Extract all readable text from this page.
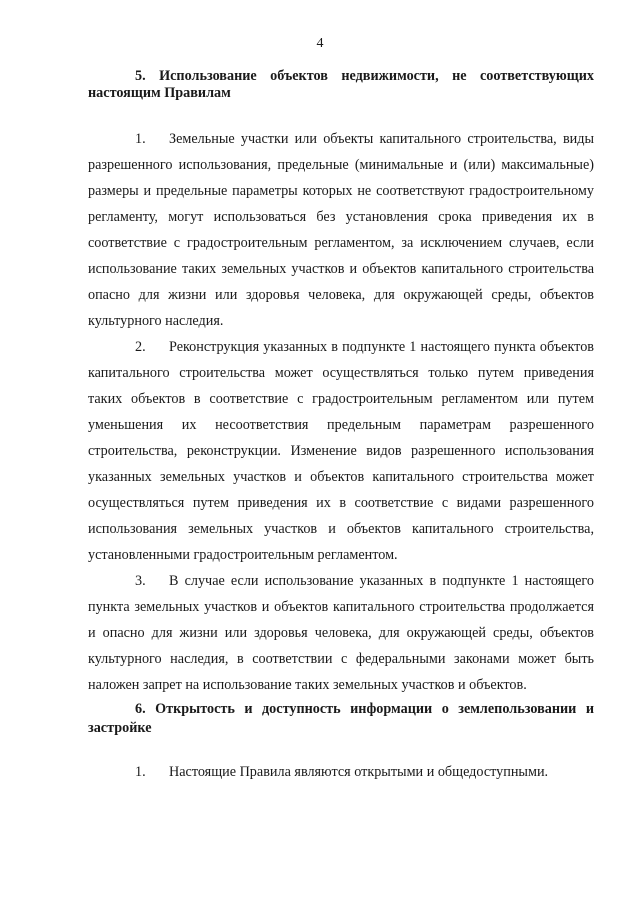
4

5. Использование объектов недвижимости, не соответствующих настоящим Правилам

1. Земельные участки или объекты капитального строительства, виды разрешенного использования, предельные (минимальные и (или) максимальные) размеры и предельные параметры которых не соответствуют градостроительному регламенту, могут использоваться без установления срока приведения их в соответствие с градостроительным регламентом, за исключением случаев, если использование таких земельных участков и объектов капитального строительства опасно для жизни или здоровья человека, для окружающей среды, объектов культурного наследия.

2. Реконструкция указанных в подпункте 1 настоящего пункта объектов капитального строительства может осуществляться только путем приведения таких объектов в соответствие с градостроительным регламентом или путем уменьшения их несоответствия предельным параметрам разрешенного строительства, реконструкции. Изменение видов разрешенного использования указанных земельных участков и объектов капитального строительства может осуществляться путем приведения их в соответствие с видами разрешенного использования земельных участков и объектов капитального строительства, установленными градостроительным регламентом.

3. В случае если использование указанных в подпункте 1 настоящего пункта земельных участков и объектов капитального строительства продолжается и опасно для жизни или здоровья человека, для окружающей среды, объектов культурного наследия, в соответствии с федеральными законами может быть наложен запрет на использование таких земельных участков и объектов.

6. Открытость и доступность информации о землепользовании и застройке

1. Настоящие Правила являются открытыми и общедоступными.
